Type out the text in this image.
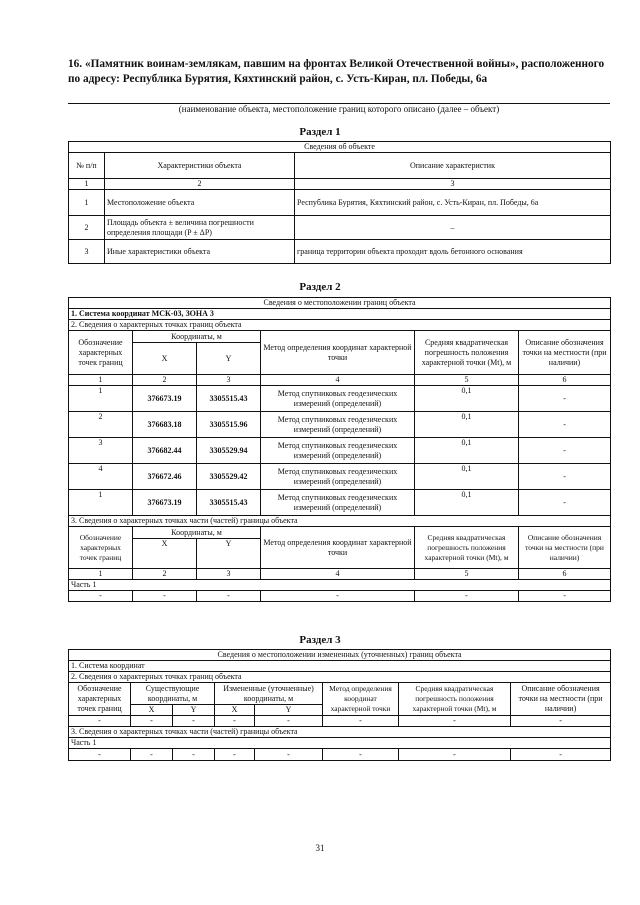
16. «Памятник воинам-землякам, павшим на фронтах Великой Отечественной войны», расположенного по адресу: Республика Бурятия, Кяхтинский район, с. Усть-Киран, пл. Победы, 6а
(наименование объекта, местоположение границ которого описано (далее – объект)
Раздел 1
Сведения об объекте		
№ п/п	Характеристики объекта	Описание характеристик
1	2	3
1	Местоположение объекта	Республика Бурятия, Кяхтинский район, с. Усть-Киран, пл. Победы, 6а
2	Площадь объекта ± величина погрешности определения площади (P ± ΔP)	–
3	Иные характеристики объекта	граница территории объекта проходит вдоль бетонного основания
Раздел 2
Сведения о местоположении границ объекта					
1. Система координат МСК-03, ЗОНА 3					
2. Сведения о характерных точках границ объекта					
Обозначение характерных точек границ	Координаты, м		Метод определения координат характерной точки	Средняя квадратическая погрешность положения характерной точки (Mt), м	Описание обозначения точки на местности (при наличии)
	X	Y			
1	2	3	4	5	6
1	376673.19	3305515.43	Метод спутниковых геодезических измерений (определений)	0,1	-
2	376683.18	3305515.96	Метод спутниковых геодезических измерений (определений)	0,1	-
3	376682.44	3305529.94	Метод спутниковых геодезических измерений (определений)	0,1	-
4	376672.46	3305529.42	Метод спутниковых геодезических измерений (определений)	0,1	-
1	376673.19	3305515.43	Метод спутниковых геодезических измерений (определений)	0,1	-
3. Сведения о характерных точках части (частей) границы объекта					
Обозначение характерных точек границ	Координаты, м		Метод определения координат характерной точки	Средняя квадратическая погрешность положения характерной точки (Mt), м	Описание обозначения точки на местности (при наличии)
	X	Y			
1	2	3	4	5	6
Часть 1					
-	-	-	-	-	-
Раздел 3
Сведения о местоположении измененных (уточненных) границ объекта							
1. Система координат							
2. Сведения о характерных точках границ объекта							
Обозначение характерных точек границ	Существующие координаты, м		Измененные (уточненные) координаты, м		Метод определения координат характерной точки	Средняя квадратическая погрешность положения характерной точки (Mt), м	Описание обозначения точки на местности (при наличии)
	X	Y	X	Y			
-	-	-	-	-	-	-	-
3. Сведения о характерных точках части (частей) границы объекта							
Часть 1							
-	-	-	-	-	-	-	-
31
